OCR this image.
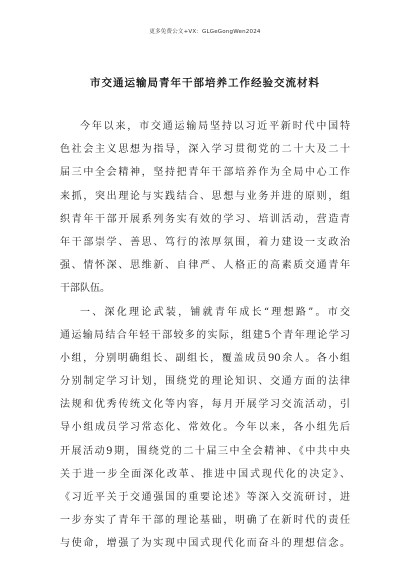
更多免费公文+VX：GLGeGongWen2024
市交通运输局青年干部培养工作经验交流材料
今年以来，市交通运输局坚持以习近平新时代中国特
色社会主义思想为指导，深入学习贯彻党的二十大及二十
届三中全会精神，坚持把青年干部培养作为全局中心工作
来抓，突出理论与实践结合、思想与业务并进的原则，组
织青年干部开展系列务实有效的学习、培训活动，营造青
年干部崇学、善思、笃行的浓厚氛围，着力建设一支政治
强、情怀深、思维新、自律严、人格正的高素质交通青年
干部队伍。
一、深化理论武装，铺就青年成长“理想路”。市交
通运输局结合年轻干部较多的实际，组建5个青年理论学习
小组，分别明确组长、副组长，覆盖成员90余人。各小组
分别制定学习计划，围绕党的理论知识、交通方面的法律
法规和优秀传统文化等内容，每月开展学习交流活动，引
导小组成员学习常态化、常效化。今年以来，各小组先后
开展活动9期，围绕党的二十届三中全会精神、《中共中央
关于进一步全面深化改革、推进中国式现代化的决定》、
《习近平关于交通强国的重要论述》等深入交流研讨，进
一步夯实了青年干部的理论基础，明确了在新时代的责任
与使命，增强了为实现中国式现代化而奋斗的理想信念。
